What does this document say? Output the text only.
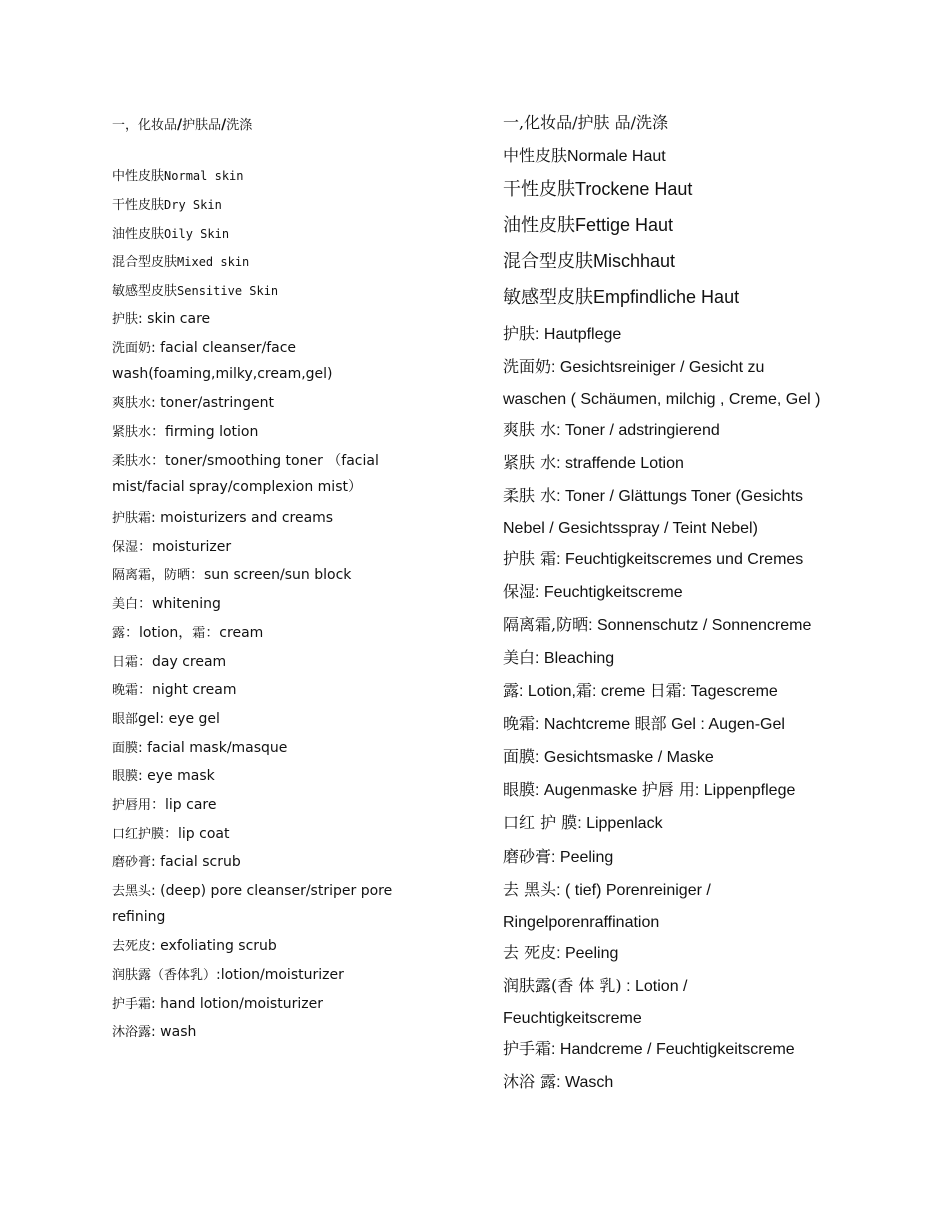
一，化妆品/护肤品/洗涤
中性皮肤Normal skin
干性皮肤Dry Skin
油性皮肤Oily Skin
混合型皮肤Mixed skin
敏感型皮肤Sensitive Skin
护肤: skin care
洗面奶: facial cleanser/face
wash(foaming,milky,cream,gel)
爽肤水: toner/astringent
紧肤水：firming lotion
柔肤水：toner/smoothing toner （facial
mist/facial spray/complexion mist）
护肤霜: moisturizers and creams
保湿：moisturizer
隔离霜，防晒：sun screen/sun block
美白：whitening
露：lotion，霜：cream
日霜：day cream
晚霜：night cream
眼部gel: eye gel
面膜: facial mask/masque
眼膜: eye mask
护唇用：lip care
口红护膜：lip coat
磨砂膏: facial scrub
去黑头: (deep) pore cleanser/striper pore
refining
去死皮: exfoliating scrub
润肤露（香体乳）:lotion/moisturizer
护手霜: hand lotion/moisturizer
沐浴露: wash
一,化妆品/护肤 品/洗涤
中性皮肤Normale Haut
干性皮肤Trockene Haut
油性皮肤Fettige Haut
混合型皮肤Mischhaut
敏感型皮肤Empfindliche Haut
护肤: Hautpflege
洗面奶: Gesichtsreiniger / Gesicht zu
waschen ( Schäumen, milchig , Creme, Gel )
爽肤 水: Toner / adstringierend
紧肤 水: straffende Lotion
柔肤 水: Toner / Glättungs Toner (Gesichts
Nebel / Gesichtsspray / Teint Nebel)
护肤 霜: Feuchtigkeitscremes und Cremes
保湿: Feuchtigkeitscreme
隔离霜,防晒: Sonnenschutz / Sonnencreme
美白: Bleaching
露: Lotion,霜: creme 日霜: Tagescreme
晚霜: Nachtcreme 眼部 Gel : Augen-Gel
面膜: Gesichtsmaske / Maske
眼膜: Augenmaske 护唇 用: Lippenpflege
口红 护 膜: Lippenlack
磨砂膏: Peeling
去 黑头: ( tief) Porenreiniger /
Ringelporenraffination
去 死皮: Peeling
润肤露(香 体 乳) : Lotion /
Feuchtigkeitscreme
护手霜: Handcreme / Feuchtigkeitscreme
沐浴 露: Wasch
